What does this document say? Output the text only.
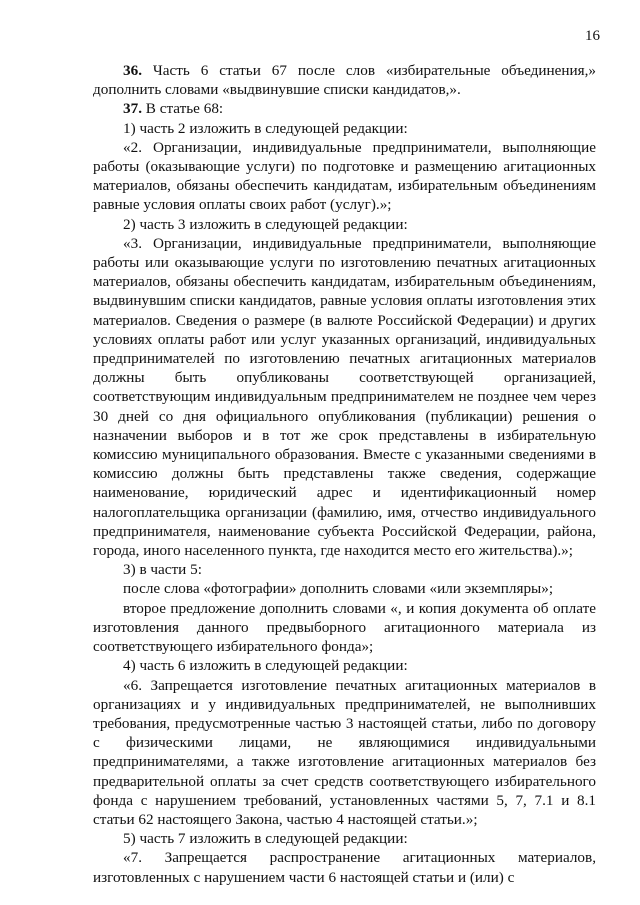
16

36. Часть 6 статьи 67 после слов «избирательные объединения,» дополнить словами «выдвинувшие списки кандидатов,».

37. В статье 68:

1) часть 2 изложить в следующей редакции:

«2. Организации, индивидуальные предприниматели, выполняющие работы (оказывающие услуги) по подготовке и размещению агитационных материалов, обязаны обеспечить кандидатам, избирательным объединениям равные условия оплаты своих работ (услуг).»;

2) часть 3 изложить в следующей редакции:

«3. Организации, индивидуальные предприниматели, выполняющие работы или оказывающие услуги по изготовлению печатных агитационных материалов, обязаны обеспечить кандидатам, избирательным объединениям, выдвинувшим списки кандидатов, равные условия оплаты изготовления этих материалов. Сведения о размере (в валюте Российской Федерации) и других условиях оплаты работ или услуг указанных организаций, индивидуальных предпринимателей по изготовлению печатных агитационных материалов должны быть опубликованы соответствующей организацией, соответствующим индивидуальным предпринимателем не позднее чем через 30 дней со дня официального опубликования (публикации) решения о назначении выборов и в тот же срок представлены в избирательную комиссию муниципального образования. Вместе с указанными сведениями в комиссию должны быть представлены также сведения, содержащие наименование, юридический адрес и идентификационный номер налогоплательщика организации (фамилию, имя, отчество индивидуального предпринимателя, наименование субъекта Российской Федерации, района, города, иного населенного пункта, где находится место его жительства).»;

3) в части 5:

после слова «фотографии» дополнить словами «или экземпляры»;

второе предложение дополнить словами «, и копия документа об оплате изготовления данного предвыборного агитационного материала из соответствующего избирательного фонда»;

4) часть 6 изложить в следующей редакции:

«6. Запрещается изготовление печатных агитационных материалов в организациях и у индивидуальных предпринимателей, не выполнивших требования, предусмотренные частью 3 настоящей статьи, либо по договору с физическими лицами, не являющимися индивидуальными предпринимателями, а также изготовление агитационных материалов без предварительной оплаты за счет средств соответствующего избирательного фонда с нарушением требований, установленных частями 5, 7, 7.1 и 8.1 статьи 62 настоящего Закона, частью 4 настоящей статьи.»;

5) часть 7 изложить в следующей редакции:

«7. Запрещается распространение агитационных материалов, изготовленных с нарушением части 6 настоящей статьи и (или) с
